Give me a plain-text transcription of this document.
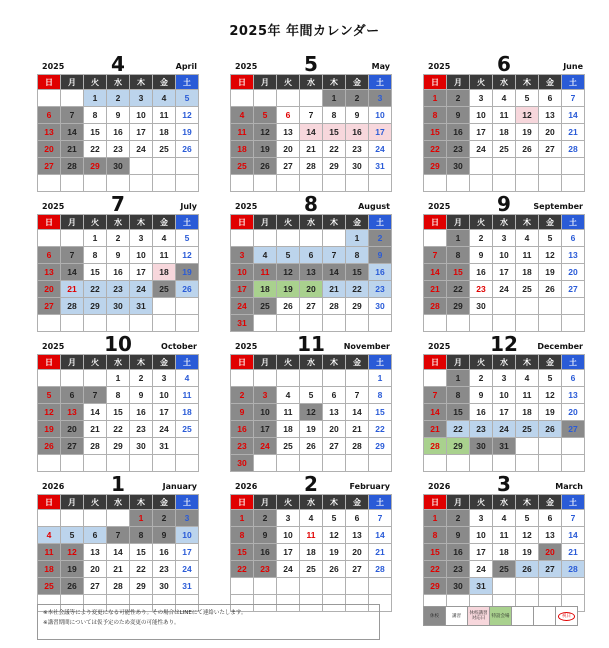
2025年 年間カレンダー
2025	4	April
日	月	火	水	木	金	土
		1	2	3	4	5
6	7	8	9	10	11	12
13	14	15	16	17	18	19
20	21	22	23	24	25	26
27	28	29	30			

2025	5	May
日	月	火	水	木	金	土
				1	2	3
4	5	6	7	8	9	10
11	12	13	14	15	16	17
18	19	20	21	22	23	24
25	26	27	28	29	30	31

2025	6	June
日	月	火	水	木	金	土
1	2	3	4	5	6	7
8	9	10	11	12	13	14
15	16	17	18	19	20	21
22	23	24	25	26	27	28
29	30					

2025	7	July
日	月	火	水	木	金	土
		1	2	3	4	5
6	7	8	9	10	11	12
13	14	15	16	17	18	19
20	21	22	23	24	25	26
27	28	29	30	31		

2025	8	August
日	月	火	水	木	金	土
					1	2
3	4	5	6	7	8	9
10	11	12	13	14	15	16
17	18	19	20	21	22	23
24	25	26	27	28	29	30
31						
2025	9	September
日	月	火	水	木	金	土
	1	2	3	4	5	6
7	8	9	10	11	12	13
14	15	16	17	18	19	20
21	22	23	24	25	26	27
28	29	30				

2025	10	October
日	月	火	水	木	金	土
			1	2	3	4
5	6	7	8	9	10	11
12	13	14	15	16	17	18
19	20	21	22	23	24	25
26	27	28	29	30	31	

2025	11	November
日	月	火	水	木	金	土
						1
2	3	4	5	6	7	8
9	10	11	12	13	14	15
16	17	18	19	20	21	22
23	24	25	26	27	28	29
30						
2025	12	December
日	月	火	水	木	金	土
	1	2	3	4	5	6
7	8	9	10	11	12	13
14	15	16	17	18	19	20
21	22	23	24	25	26	27
28	29	30	31			

2026	1	January
日	月	火	水	木	金	土
				1	2	3
4	5	6	7	8	9	10
11	12	13	14	15	16	17
18	19	20	21	22	23	24
25	26	27	28	29	30	31

2026	2	February
日	月	火	水	木	金	土
1	2	3	4	5	6	7
8	9	10	11	12	13	14
15	16	17	18	19	20	21
22	23	24	25	26	27	28

2026	3	March
日	月	火	水	木	金	土
1	2	3	4	5	6	7
8	9	10	11	12	13	14
15	16	17	18	19	20	21
22	23	24	25	26	27	28
29	30	31				

※本社会議等により変更になる可能性あり。その場合はLINEにて連絡いたします。
※講習期間については仮予定のため変更の可能性あり。
休校	講習	休校講習 対応日	特設会場	祝日
